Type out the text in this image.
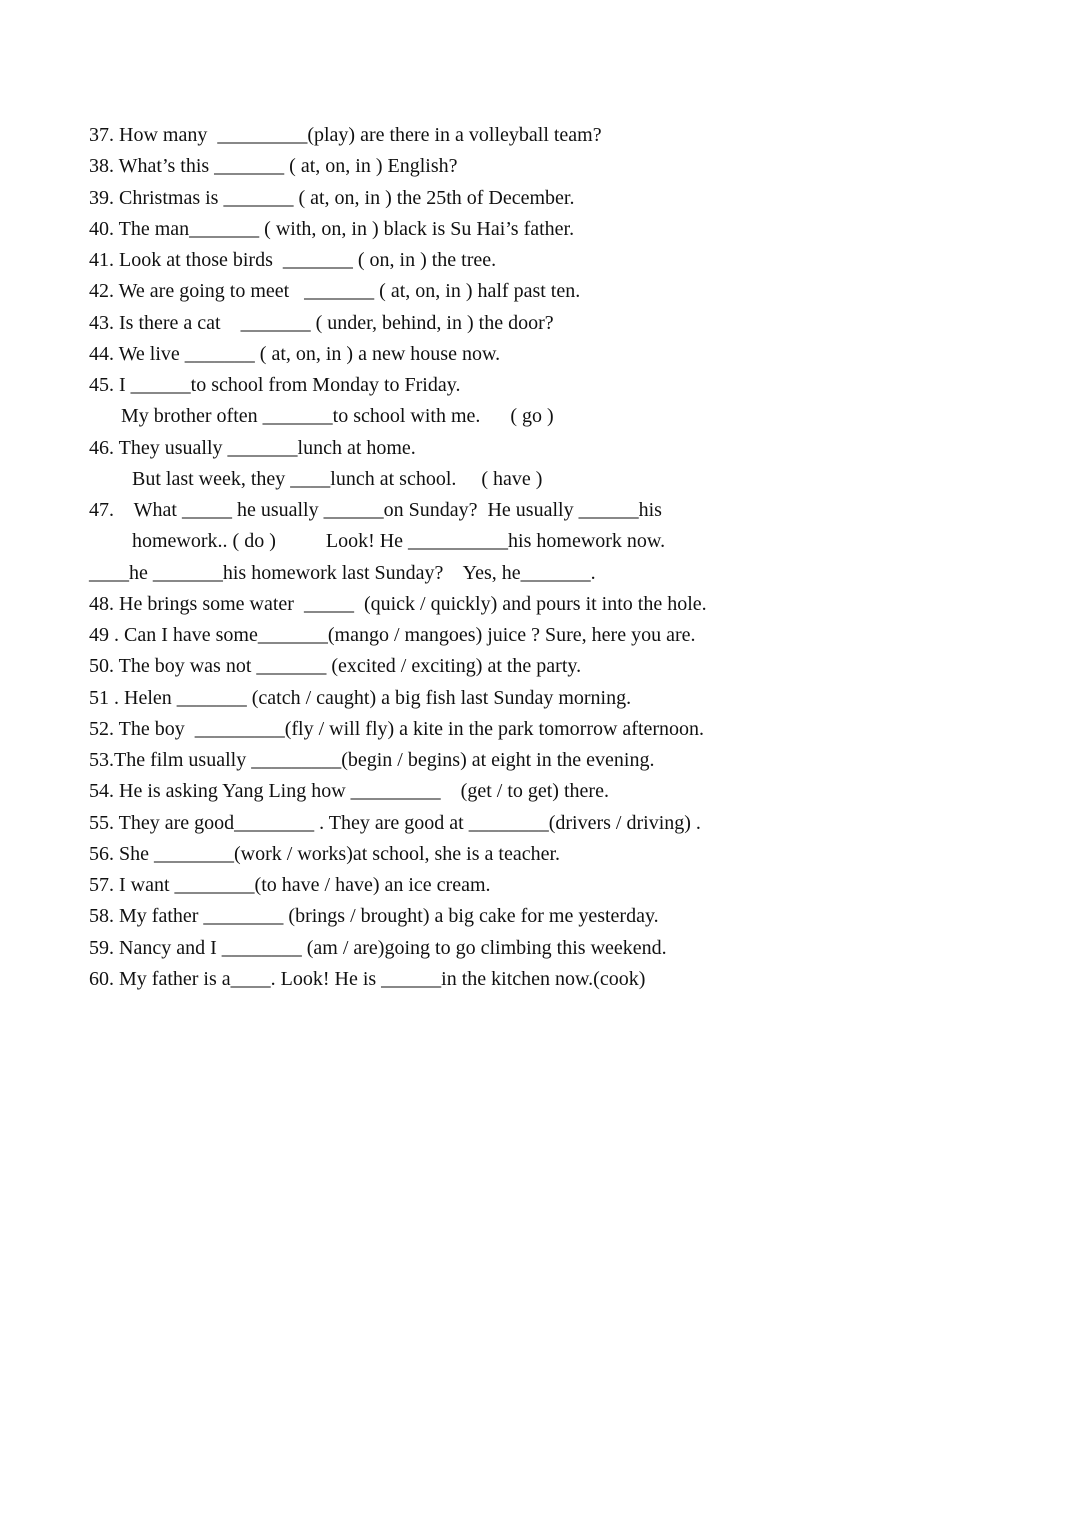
37. How many  _________(play) are there in a volleyball team?
38. What’s this _______ ( at, on, in ) English?
39. Christmas is _______ ( at, on, in ) the 25th of December.
40. The man_______ ( with, on, in ) black is Su Hai’s father.
41. Look at those birds  _______ ( on, in ) the tree.
42. We are going to meet   _______ ( at, on, in ) half past ten.
43. Is there a cat    _______ ( under, behind, in ) the door?
44. We live _______ ( at, on, in ) a new house now.
45. I ______to school from Monday to Friday.
My brother often _______to school with me.      ( go )
46. They usually _______lunch at home.
But last week, they ____lunch at school.     ( have )
47.    What _____ he usually ______on Sunday?  He usually ______his
homework.. ( do )          Look! He __________his homework now.
____he _______his homework last Sunday?    Yes, he_______.
48. He brings some water  _____  (quick / quickly) and pours it into the hole.
49 . Can I have some_______(mango / mangoes) juice ? Sure, here you are.
50. The boy was not _______ (excited / exciting) at the party.
51 . Helen _______ (catch / caught) a big fish last Sunday morning.
52. The boy  _________(fly / will fly) a kite in the park tomorrow afternoon.
53.The film usually _________(begin / begins) at eight in the evening.
54. He is asking Yang Ling how _________    (get / to get) there.
55. They are good________ . They are good at ________(drivers / driving) .
56. She ________(work / works)at school, she is a teacher.
57. I want ________(to have / have) an ice cream.
58. My father ________ (brings / brought) a big cake for me yesterday.
59. Nancy and I ________ (am / are)going to go climbing this weekend.
60. My father is a____. Look! He is ______in the kitchen now.(cook)
